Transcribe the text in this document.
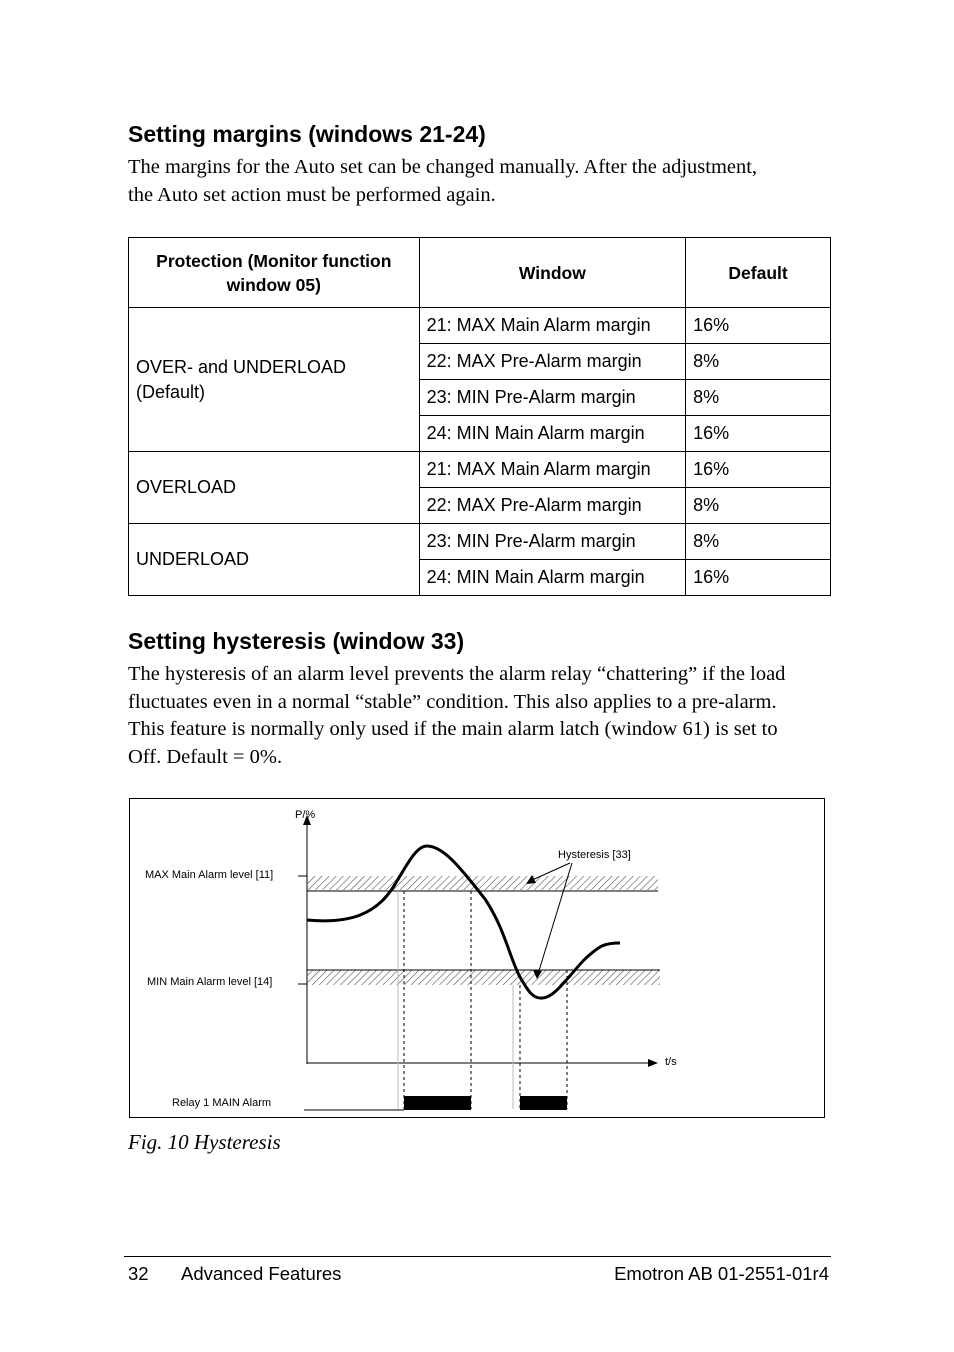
Setting margins (windows 21-24)
The margins for the Auto set can be changed manually. After the adjustment,
the Auto set action must be performed again.
Protection (Monitor function
window 05)	Window	Default

OVER- and UNDERLOAD
(Default)	21: MAX Main Alarm margin	16%
	22: MAX Pre-Alarm margin	8%
	23: MIN Pre-Alarm margin	8%
	24: MIN Main Alarm margin	16%

OVERLOAD	21: MAX Main Alarm margin	16%
	22: MAX Pre-Alarm margin	8%

UNDERLOAD	23: MIN Pre-Alarm margin	8%
	24: MIN Main Alarm margin	16%
Setting hysteresis (window 33)
The hysteresis of an alarm level prevents the alarm relay “chattering” if the load
fluctuates even in a normal “stable” condition. This also applies to a pre-alarm.
This feature is normally only used if the main alarm latch (window 61) is set to
Off. Default = 0%.
P/%
t/s
MAX Main Alarm level [11]
MIN Main Alarm level [14]
Hysteresis [33]
Relay 1 MAIN Alarm
Fig. 10 Hysteresis
32 Advanced Features	Emotron AB 01-2551-01r4
